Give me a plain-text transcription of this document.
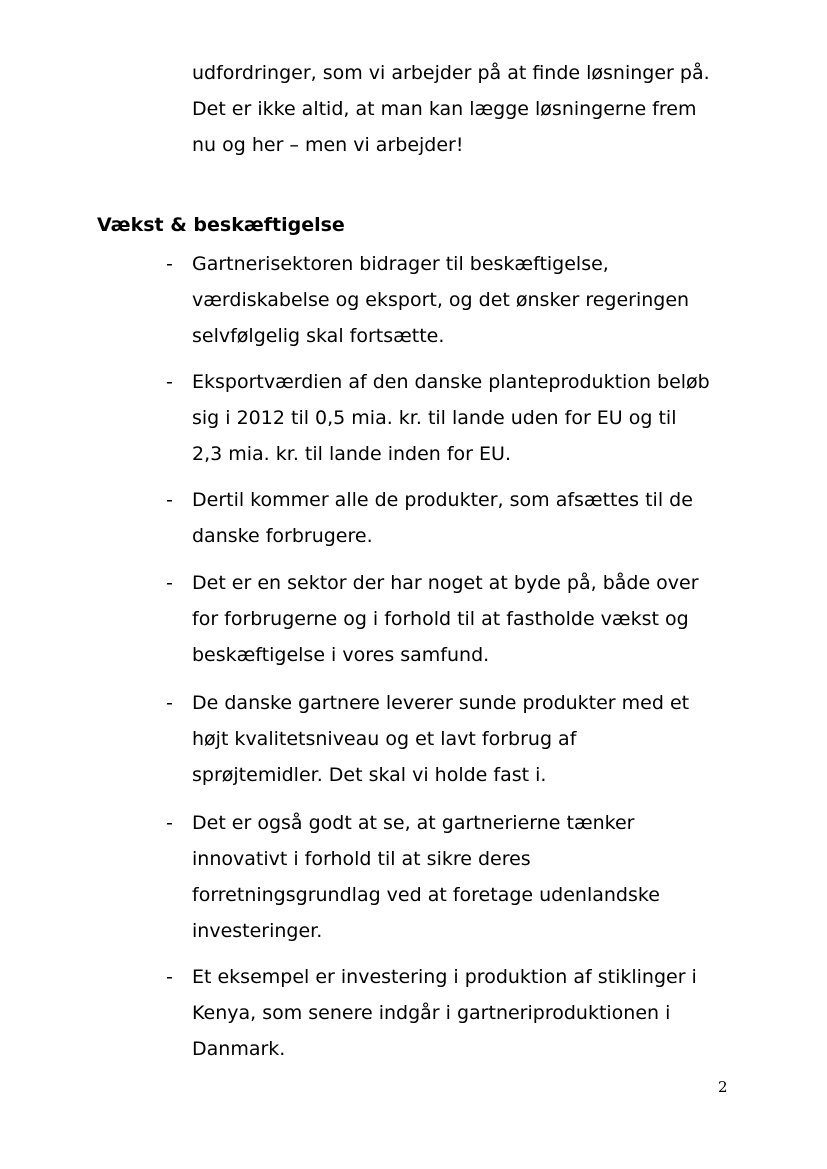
udfordringer, som vi arbejder på at finde løsninger på.
Det er ikke altid, at man kan lægge løsningerne frem
nu og her – men vi arbejder!
Vækst & beskæftigelse
- Gartnerisektoren bidrager til beskæftigelse,
værdiskabelse og eksport, og det ønsker regeringen
selvfølgelig skal fortsætte.
- Eksportværdien af den danske planteproduktion beløb
sig i 2012 til 0,5 mia. kr. til lande uden for EU og til
2,3 mia. kr. til lande inden for EU.
- Dertil kommer alle de produkter, som afsættes til de
danske forbrugere.
- Det er en sektor der har noget at byde på, både over
for forbrugerne og i forhold til at fastholde vækst og
beskæftigelse i vores samfund.
- De danske gartnere leverer sunde produkter med et
højt kvalitetsniveau og et lavt forbrug af
sprøjtemidler. Det skal vi holde fast i.
- Det er også godt at se, at gartnerierne tænker
innovativt i forhold til at sikre deres
forretningsgrundlag ved at foretage udenlandske
investeringer.
- Et eksempel er investering i produktion af stiklinger i
Kenya, som senere indgår i gartneriproduktionen i
Danmark.
2
